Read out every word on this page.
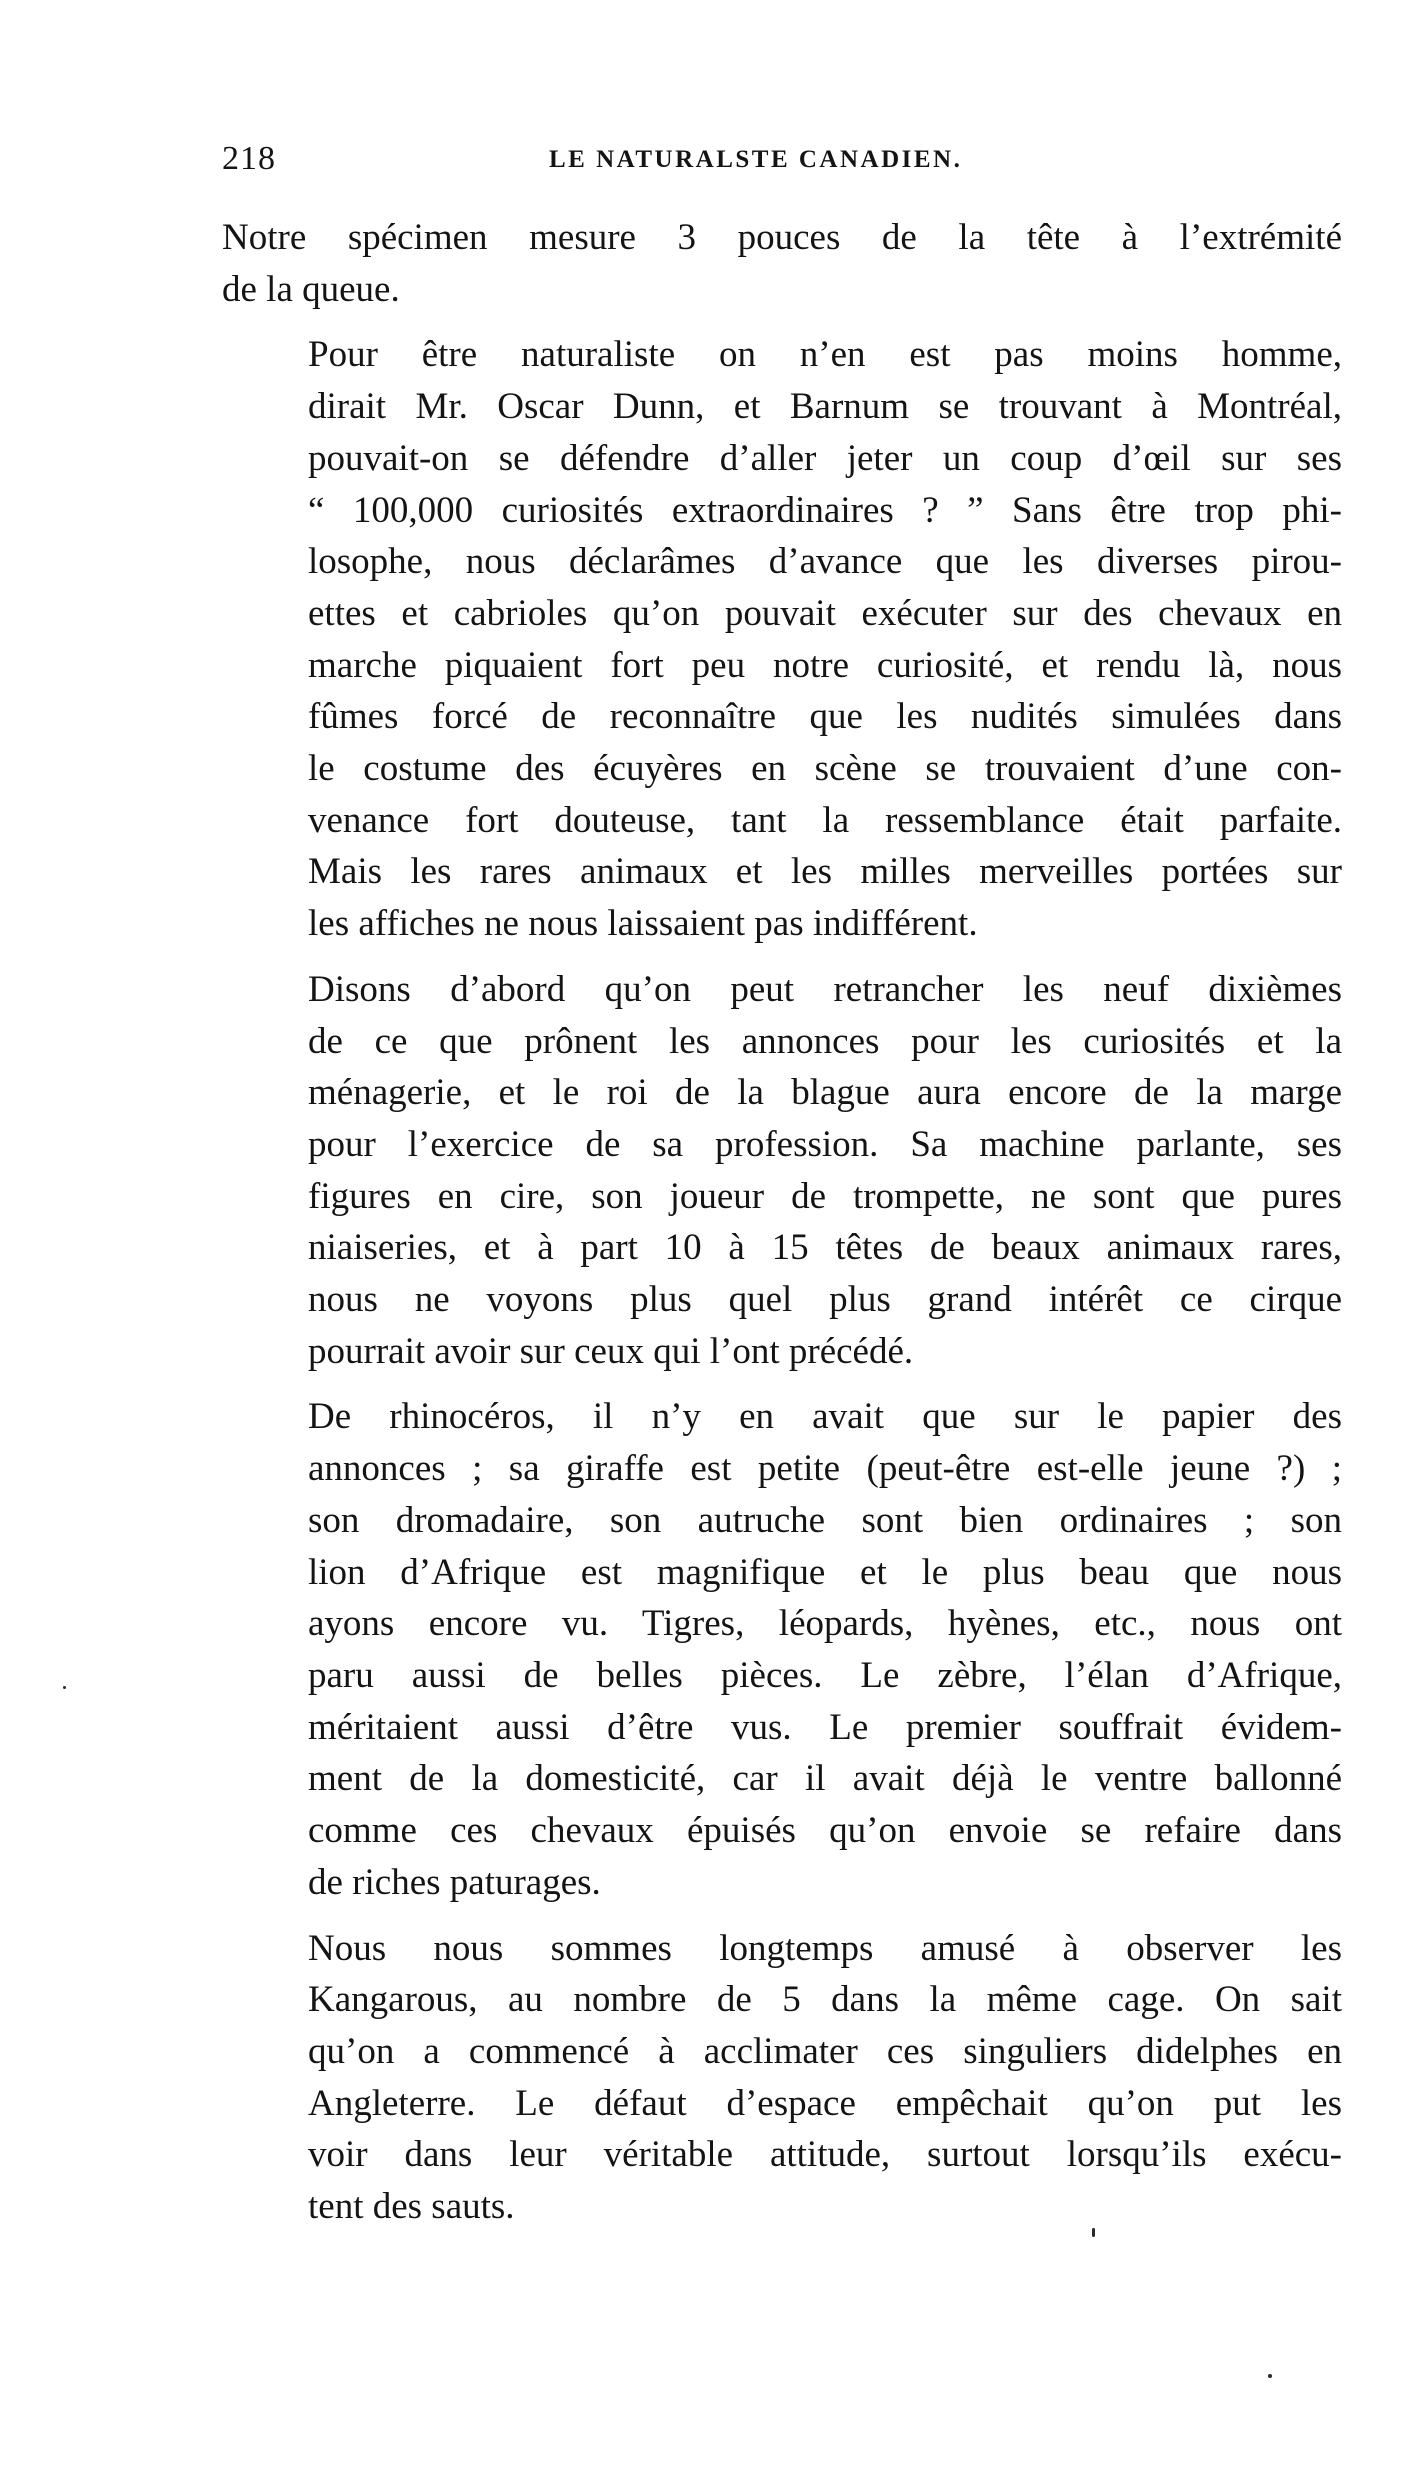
218	LE NATURALSTE CANADIEN.

Notre spécimen mesure 3 pouces de la tête à l’extrémité
de la queue.

Pour être naturaliste on n’en est pas moins homme,
dirait Mr. Oscar Dunn, et Barnum se trouvant à Montréal,
pouvait-on se défendre d’aller jeter un coup d’œil sur ses
“ 100,000 curiosités extraordinaires ? ” Sans être trop phi-
losophe, nous déclarâmes d’avance que les diverses pirou-
ettes et cabrioles qu’on pouvait exécuter sur des chevaux en
marche piquaient fort peu notre curiosité, et rendu là, nous
fûmes forcé de reconnaître que les nudités simulées dans
le costume des écuyères en scène se trouvaient d’une con-
venance fort douteuse, tant la ressemblance était parfaite.
Mais les rares animaux et les milles merveilles portées sur
les affiches ne nous laissaient pas indifférent.

Disons d’abord qu’on peut retrancher les neuf dixièmes
de ce que prônent les annonces pour les curiosités et la
ménagerie, et le roi de la blague aura encore de la marge
pour l’exercice de sa profession. Sa machine parlante, ses
figures en cire, son joueur de trompette, ne sont que pures
niaiseries, et à part 10 à 15 têtes de beaux animaux rares,
nous ne voyons plus quel plus grand intérêt ce cirque
pourrait avoir sur ceux qui l’ont précédé.

De rhinocéros, il n’y en avait que sur le papier des
annonces ; sa giraffe est petite (peut-être est-elle jeune ?) ;
son dromadaire, son autruche sont bien ordinaires ; son
lion d’Afrique est magnifique et le plus beau que nous
ayons encore vu. Tigres, léopards, hyènes, etc., nous ont
paru aussi de belles pièces. Le zèbre, l’élan d’Afrique,
méritaient aussi d’être vus. Le premier souffrait évidem-
ment de la domesticité, car il avait déjà le ventre ballonné
comme ces chevaux épuisés qu’on envoie se refaire dans
de riches paturages.

Nous nous sommes longtemps amusé à observer les
Kangarous, au nombre de 5 dans la même cage. On sait
qu’on a commencé à acclimater ces singuliers didelphes en
Angleterre. Le défaut d’espace empêchait qu’on put les
voir dans leur véritable attitude, surtout lorsqu’ils exécu-
tent des sauts.
